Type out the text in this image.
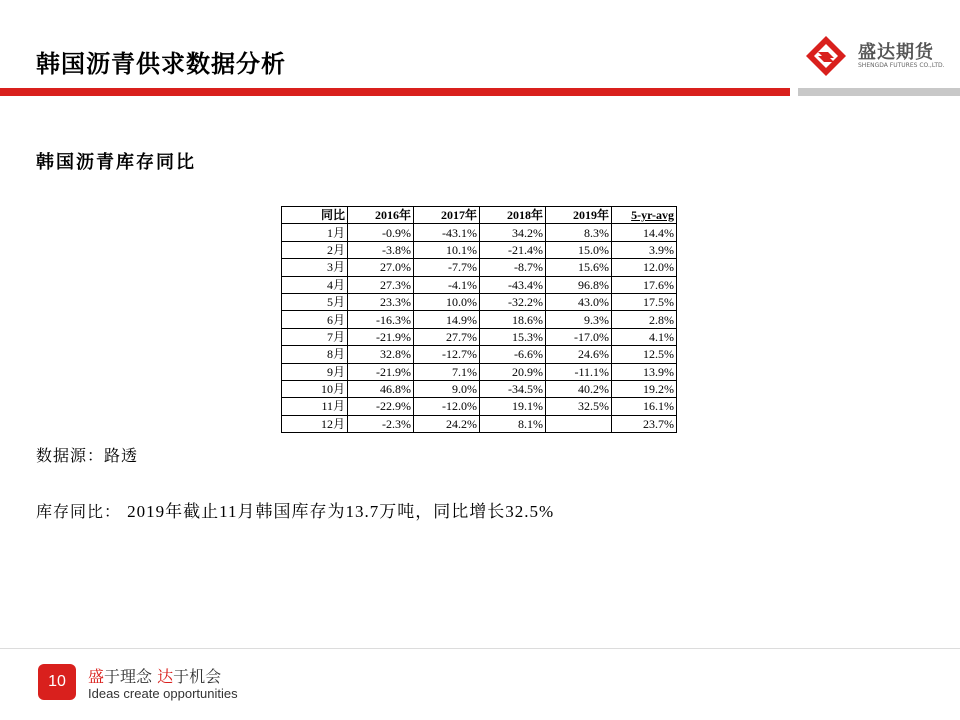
韩国沥青供求数据分析	盛达期货
SHENGDA FUTURES CO.,LTD.
韩国沥青库存同比
同比	2016年	2017年	2018年	2019年	5-yr-avg
1月	-0.9%	-43.1%	34.2%	8.3%	14.4%
2月	-3.8%	10.1%	-21.4%	15.0%	3.9%
3月	27.0%	-7.7%	-8.7%	15.6%	12.0%
4月	27.3%	-4.1%	-43.4%	96.8%	17.6%
5月	23.3%	10.0%	-32.2%	43.0%	17.5%
6月	-16.3%	14.9%	18.6%	9.3%	2.8%
7月	-21.9%	27.7%	15.3%	-17.0%	4.1%
8月	32.8%	-12.7%	-6.6%	24.6%	12.5%
9月	-21.9%	7.1%	20.9%	-11.1%	13.9%
10月	46.8%	9.0%	-34.5%	40.2%	19.2%
11月	-22.9%	-12.0%	19.1%	32.5%	16.1%
12月	-2.3%	24.2%	8.1%		23.7%
数据源：路透
库存同比： 2019年截止11月韩国库存为13.7万吨，同比增长32.5%
10	盛于理念 达于机会
Ideas create opportunities
